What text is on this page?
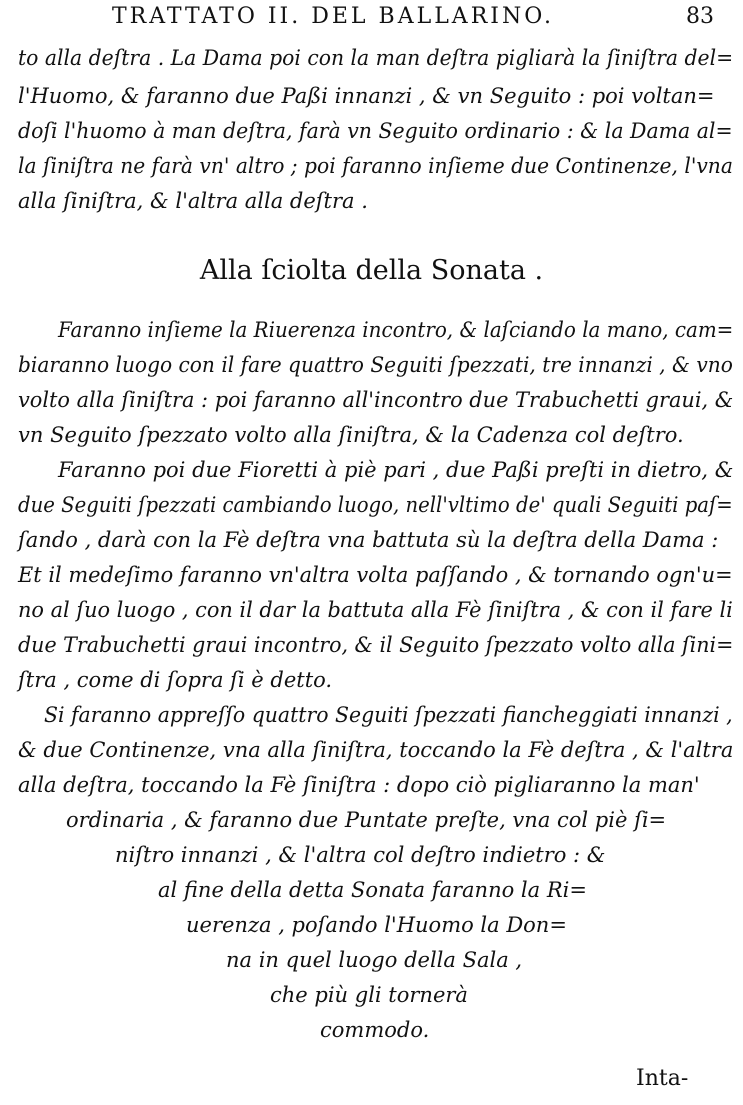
TRATTATO II. DEL BALLARINO.	83
to alla deſtra . La Dama poi con la man deſtra pigliarà la ſiniſtra del=
l'Huomo, & faranno due Paßi innanzi , & vn Seguito : poi voltan=
doſi l'huomo à man deſtra, farà vn Seguito ordinario : & la Dama al=
la ſiniſtra ne farà vn' altro ; poi faranno inſieme due Continenze, l'vna
alla ſiniſtra, & l'altra alla deſtra .
Alla ſciolta della Sonata .
Faranno inſieme la Riuerenza incontro, & laſciando la mano, cam=
biaranno luogo con il fare quattro Seguiti ſpezzati, tre innanzi , & vno
volto alla ſiniſtra : poi faranno all'incontro due Trabuchetti graui, &
vn Seguito ſpezzato volto alla ſiniſtra, & la Cadenza col deſtro.
Faranno poi due Fioretti à piè pari , due Paßi preſti in dietro, &
due Seguiti ſpezzati cambiando luogo, nell'vltimo de' quali Seguiti paſ=
ſando , darà con la Fè deſtra vna battuta sù la deſtra della Dama :
Et il medeſimo faranno vn'altra volta paſſando , & tornando ogn'u=
no al ſuo luogo , con il dar la battuta alla Fè ſiniſtra , & con il fare li
due Trabuchetti graui incontro, & il Seguito ſpezzato volto alla ſini=
ſtra , come di ſopra ſi è detto.
Si faranno appreſſo quattro Seguiti ſpezzati fiancheggiati innanzi ,
& due Continenze, vna alla ſiniſtra, toccando la Fè deſtra , & l'altra
alla deſtra, toccando la Fè ſiniſtra : dopo ciò pigliaranno la man'
ordinaria , & faranno due Puntate preſte, vna col piè ſi=
niſtro innanzi , & l'altra col deſtro indietro : &
al fine della detta Sonata faranno la Ri=
uerenza , poſando l'Huomo la Don=
na in quel luogo della Sala ,
che più gli tornerà
commodo.
Inta-
